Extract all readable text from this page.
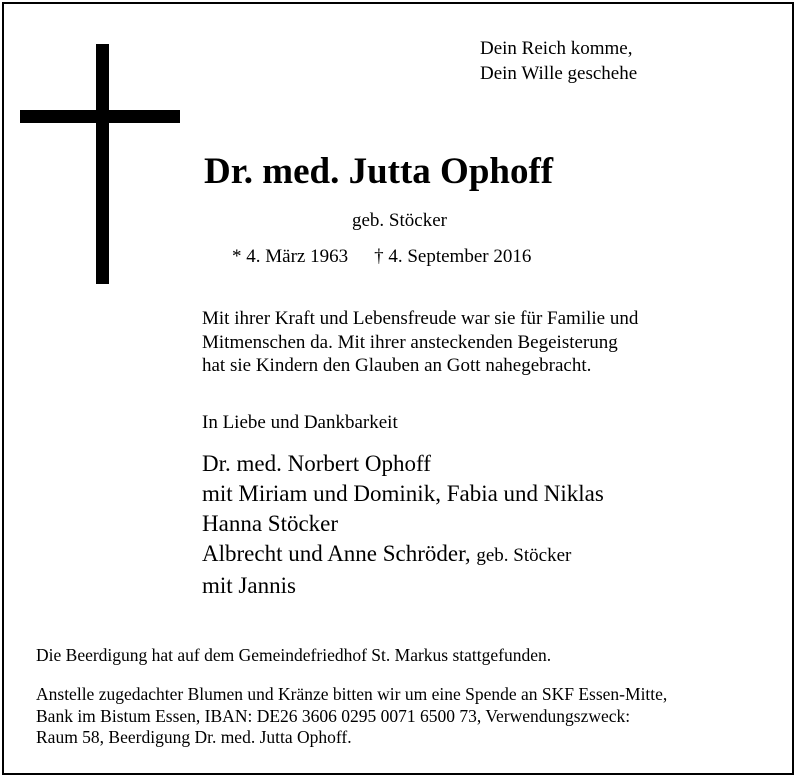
Dein Reich komme,
Dein Wille geschehe
Dr. med. Jutta Ophoff
geb. Stöcker
* 4. März 1963 † 4. September 2016
Mit ihrer Kraft und Lebensfreude war sie für Familie und
Mitmenschen da. Mit ihrer ansteckenden Begeisterung
hat sie Kindern den Glauben an Gott nahegebracht.
In Liebe und Dankbarkeit
Dr. med. Norbert Ophoff
mit Miriam und Dominik, Fabia und Niklas
Hanna Stöcker
Albrecht und Anne Schröder, geb. Stöcker
mit Jannis
Die Beerdigung hat auf dem Gemeindefriedhof St. Markus stattgefunden.
Anstelle zugedachter Blumen und Kränze bitten wir um eine Spende an SKF Essen-Mitte,
Bank im Bistum Essen, IBAN: DE26 3606 0295 0071 6500 73, Verwendungszweck:
Raum 58, Beerdigung Dr. med. Jutta Ophoff.
